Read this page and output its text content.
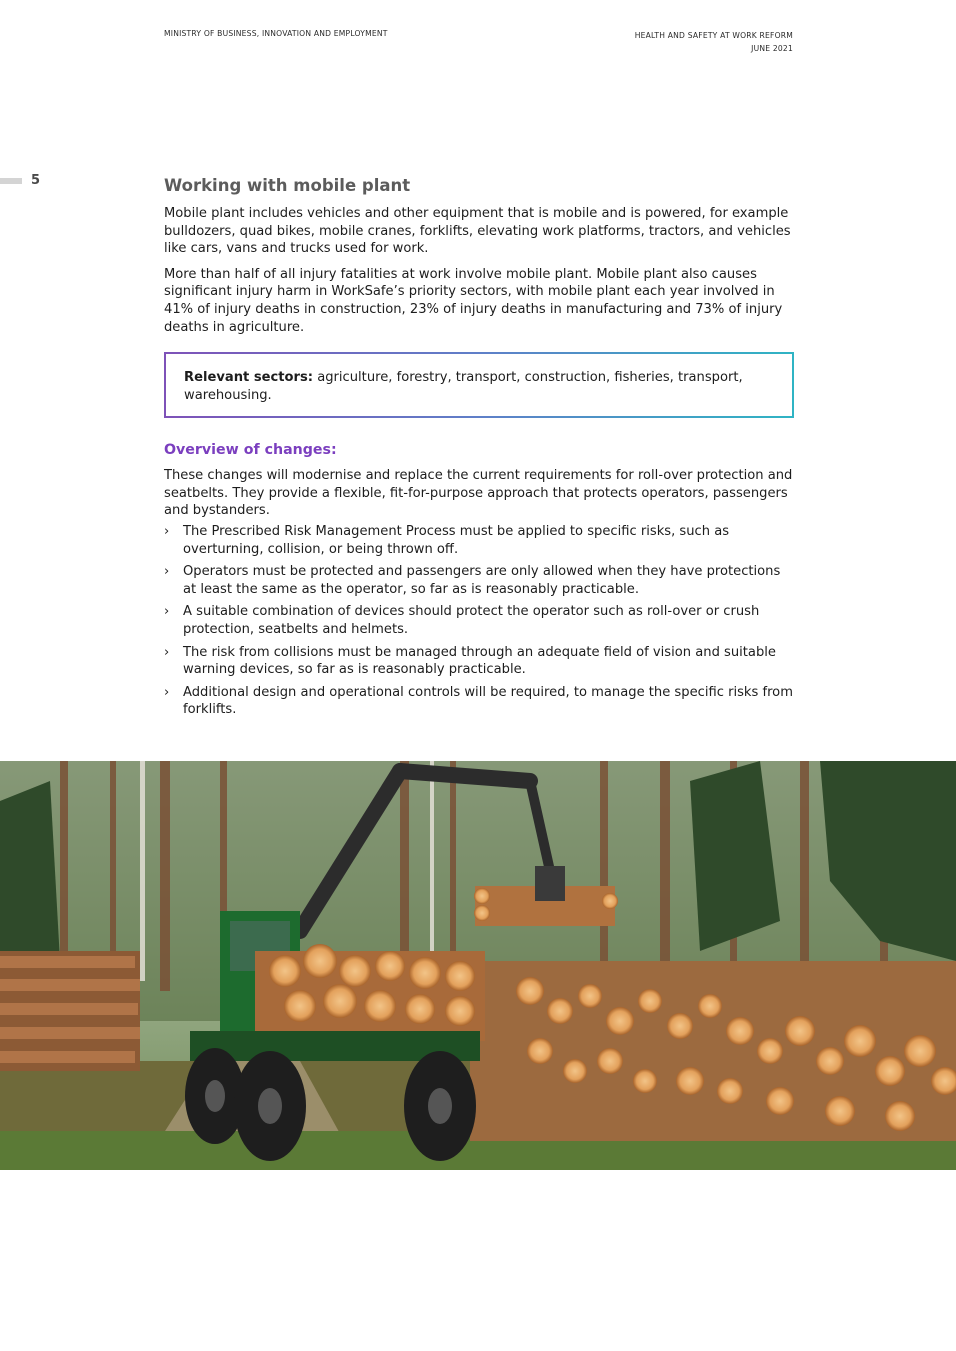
MINISTRY OF BUSINESS, INNOVATION AND EMPLOYMENT	HEALTH AND SAFETY AT WORK REFORM
JUNE 2021
5	Working with mobile plant

Mobile plant includes vehicles and other equipment that is mobile and is powered, for example bulldozers, quad bikes, mobile cranes, forklifts, elevating work platforms, tractors, and vehicles like cars, vans and trucks used for work.

More than half of all injury fatalities at work involve mobile plant. Mobile plant also causes significant injury harm in WorkSafe’s priority sectors, with mobile plant each year involved in 41% of injury deaths in construction, 23% of injury deaths in manufacturing and 73% of injury deaths in agriculture.

Relevant sectors: agriculture, forestry, transport, construction, fisheries, transport, warehousing.
Overview of changes:

These changes will modernise and replace the current requirements for roll-over protection and seatbelts. They provide a flexible, fit-for-purpose approach that protects operators, passengers and bystanders.

› The Prescribed Risk Management Process must be applied to specific risks, such as overturning, collision, or being thrown off.
› Operators must be protected and passengers are only allowed when they have protections at least the same as the operator, so far as is reasonably practicable.
› A suitable combination of devices should protect the operator such as roll-over or crush protection, seatbelts and helmets.
› The risk from collisions must be managed through an adequate field of vision and suitable warning devices, so far as is reasonably practicable.
› Additional design and operational controls will be required, to manage the specific risks from forklifts.
